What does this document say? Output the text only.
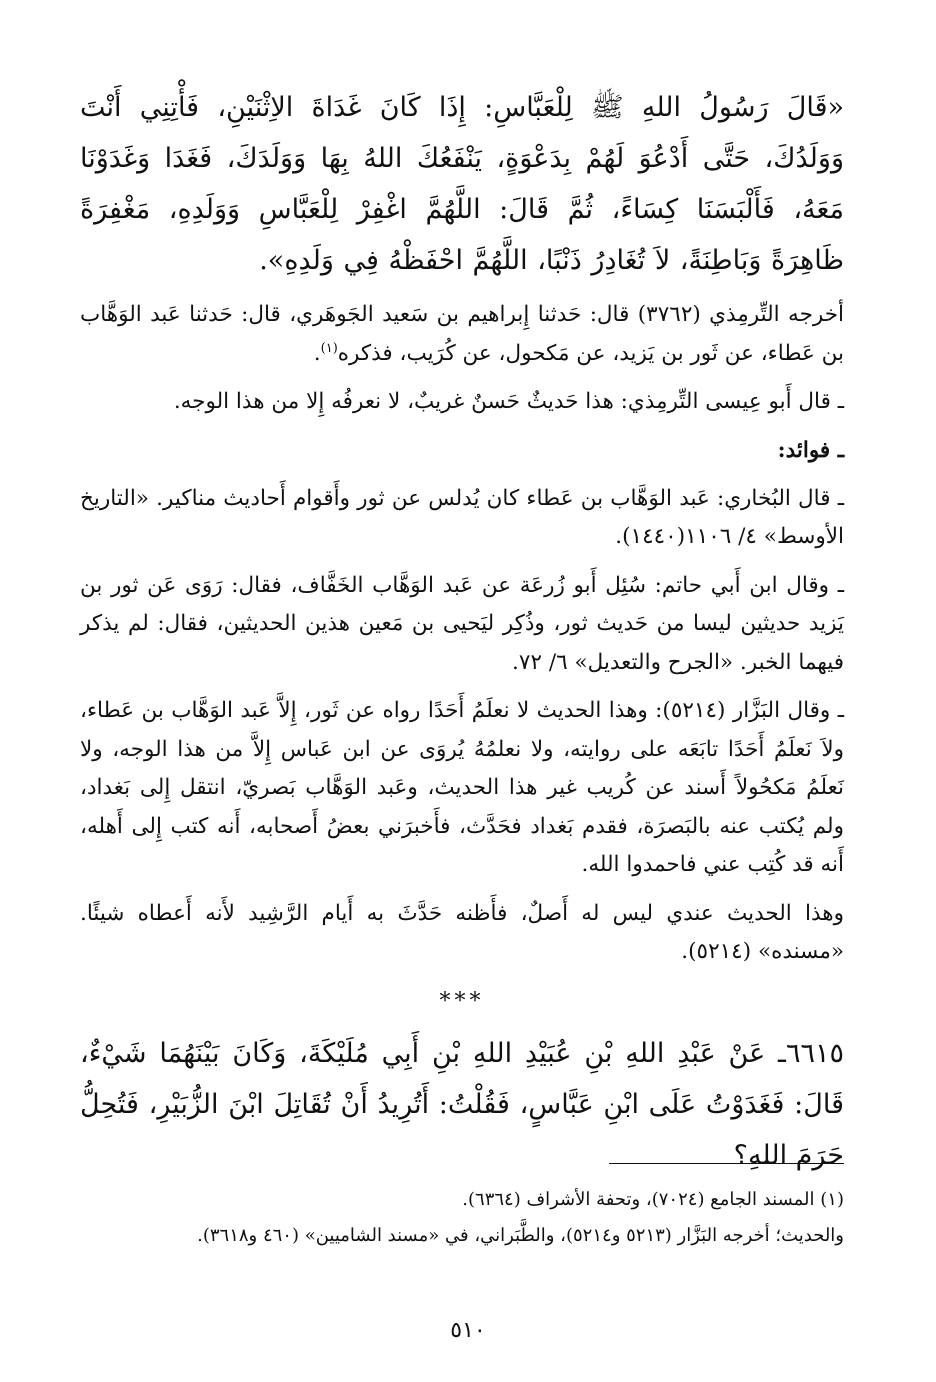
«قَالَ رَسُولُ اللهِ ﷺ لِلْعَبَّاسِ: إِذَا كَانَ غَدَاةَ الاِثْنَيْنِ، فَأْتِنِي أَنْتَ وَوَلَدُكَ، حَتَّى أَدْعُوَ لَهُمْ بِدَعْوَةٍ، يَنْفَعُكَ اللهُ بِهَا وَوَلَدَكَ، فَغَدَا وَغَدَوْنَا مَعَهُ، فَأَلْبَسَنَا كِسَاءً، ثُمَّ قَالَ: اللَّهُمَّ اغْفِرْ لِلْعَبَّاسِ وَوَلَدِهِ، مَغْفِرَةً ظَاهِرَةً وَبَاطِنَةً، لاَ تُغَادِرُ ذَنْبًا، اللَّهُمَّ احْفَظْهُ فِي وَلَدِهِ».

أخرجه التِّرمِذي (٣٧٦٢) قال: حَدثنا إِبراهيم بن سَعيد الجَوهَري، قال: حَدثنا عَبد الوَهَّاب بن عَطاء، عن ثَور بن يَزيد، عن مَكحول، عن كُرَيب، فذكره$^{(١)}$.

ـ قال أَبو عِيسى التِّرمِذي: هذا حَديثٌ حَسنٌ غريبٌ، لا نعرفُه إِلا من هذا الوجه.

ـ فوائد:

ـ قال البُخاري: عَبد الوَهَّاب بن عَطاء كان يُدلس عن ثور وأَقوام أَحاديث مناكير. «التاريخ الأوسط» ٤/ ١١٠٦(١٤٤٠).

ـ وقال ابن أَبي حاتم: سُئِل أَبو زُرعَة عن عَبد الوَهَّاب الخَفَّاف، فقال: رَوَى عَن ثور بن يَزيد حديثين ليسا من حَديث ثور، وذُكِر ليَحيى بن مَعين هذين الحديثين، فقال: لم يذكر فيهما الخبر. «الجرح والتعديل» ٦/ ٧٢.

ـ وقال البَزَّار (٥٢١٤): وهذا الحديث لا نعلَمُ أَحَدًا رواه عن ثَور، إِلاَّ عَبد الوَهَّاب بن عَطاء، ولاَ نَعلَمُ أَحَدًا تابَعَه على روايته، ولا نعلمُهُ يُروَى عن ابن عَباس إِلاَّ من هذا الوجه، ولا نَعلَمُ مَكحُولاً أَسند عن كُريب غير هذا الحديث، وعَبد الوَهَّاب بَصريّ، انتقل إِلى بَغداد، ولم يُكتب عنه بالبَصرَة، فقدم بَغداد فحَدَّث، فأَخبرَني بعضُ أَصحابه، أَنه كتب إِلى أَهله، أَنه قد كُتِب عني فاحمدوا الله.

وهذا الحديث عندي ليس له أَصلٌ، فأَظنه حَدَّثَ به أَيام الرَّشِيد لأَنه أَعطاه شيئًا. «مسنده» (٥٢١٤).

***

٦٦١٥ـ عَنْ عَبْدِ اللهِ بْنِ عُبَيْدِ اللهِ بْنِ أَبِي مُلَيْكَةَ، وَكَانَ بَيْنَهُمَا شَيْءٌ، قَالَ: فَغَدَوْتُ عَلَى ابْنِ عَبَّاسٍ، فَقُلْتُ: أَتُرِيدُ أَنْ تُقَاتِلَ ابْنَ الزُّبَيْرِ، فَتُحِلُّ حَرَمَ اللهِ؟

(١) المسند الجامع (٧٠٢٤)، وتحفة الأشراف (٦٣٦٤).

والحديث؛ أخرجه البَزَّار (٥٢١٣ و٥٢١٤)، والطَّبَراني، في «مسند الشاميين» (٤٦٠ و٣٦١٨).

٥١٠
